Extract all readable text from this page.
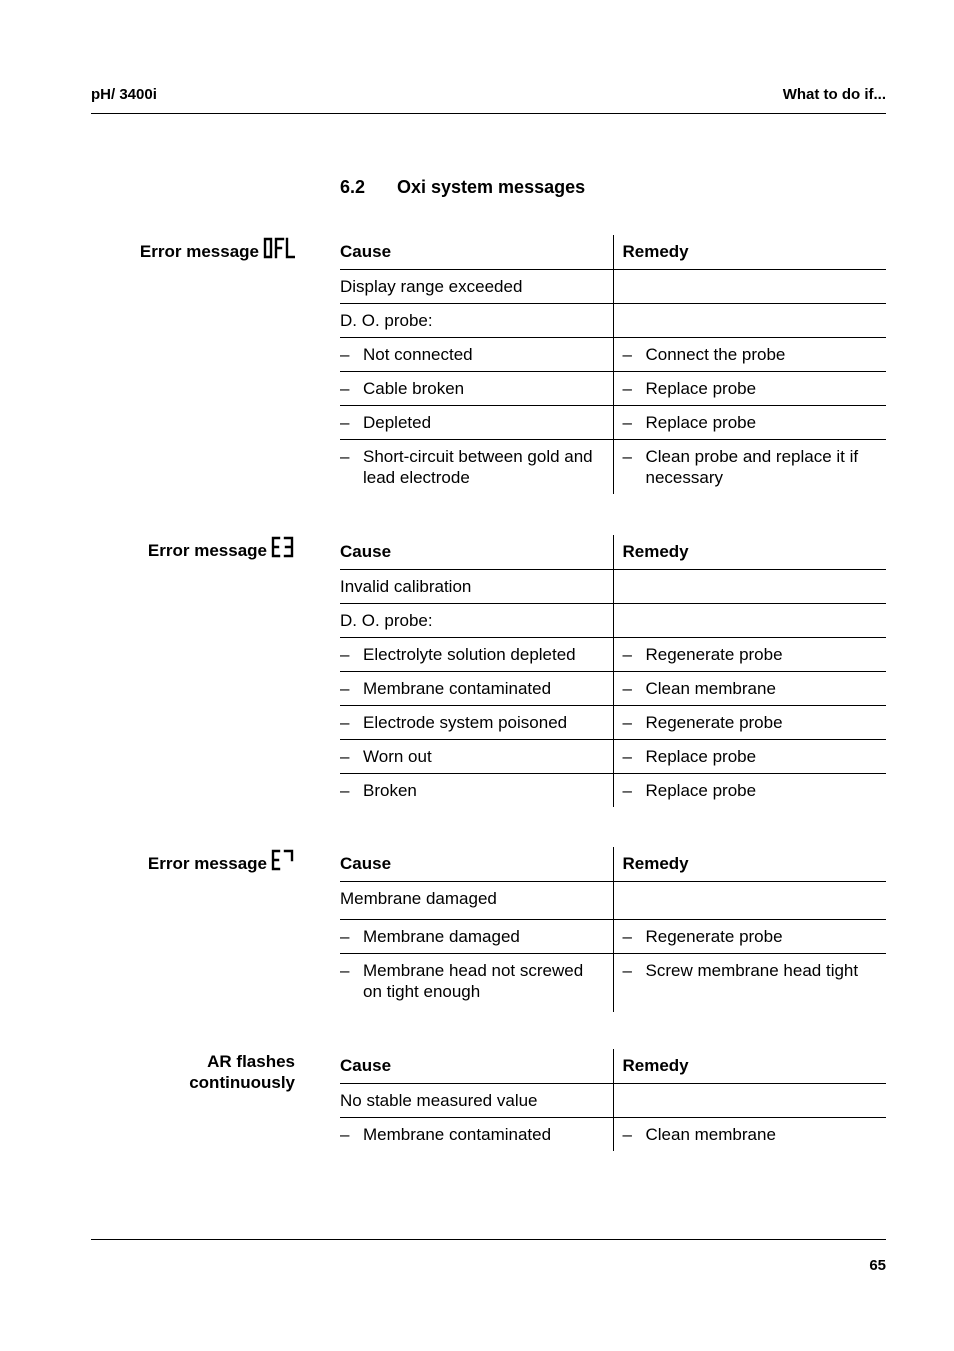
pH/ 3400i	What to do if...
6.2 Oxi system messages
Error message	Cause	Remedy
Display range exceeded	
D. O. probe:	

– Not connected	– Connect the probe

– Cable broken	– Replace probe

– Depleted	– Replace probe

– Short-circuit between gold and lead electrode	– Clean probe and replace it if necessary
Error message	Cause	Remedy
Invalid calibration	
D. O. probe:	

– Electrolyte solution depleted	– Regenerate probe

– Membrane contaminated	– Clean membrane

– Electrode system poisoned	– Regenerate probe

– Worn out	– Replace probe

– Broken	– Replace probe
Error message	Cause	Remedy
Membrane damaged	

– Membrane damaged	– Regenerate probe

– Membrane head not screwed on tight enough	– Screw membrane head tight
AR flashes
continuously
Cause	Remedy
No stable measured value	

– Membrane contaminated	– Clean membrane
65
